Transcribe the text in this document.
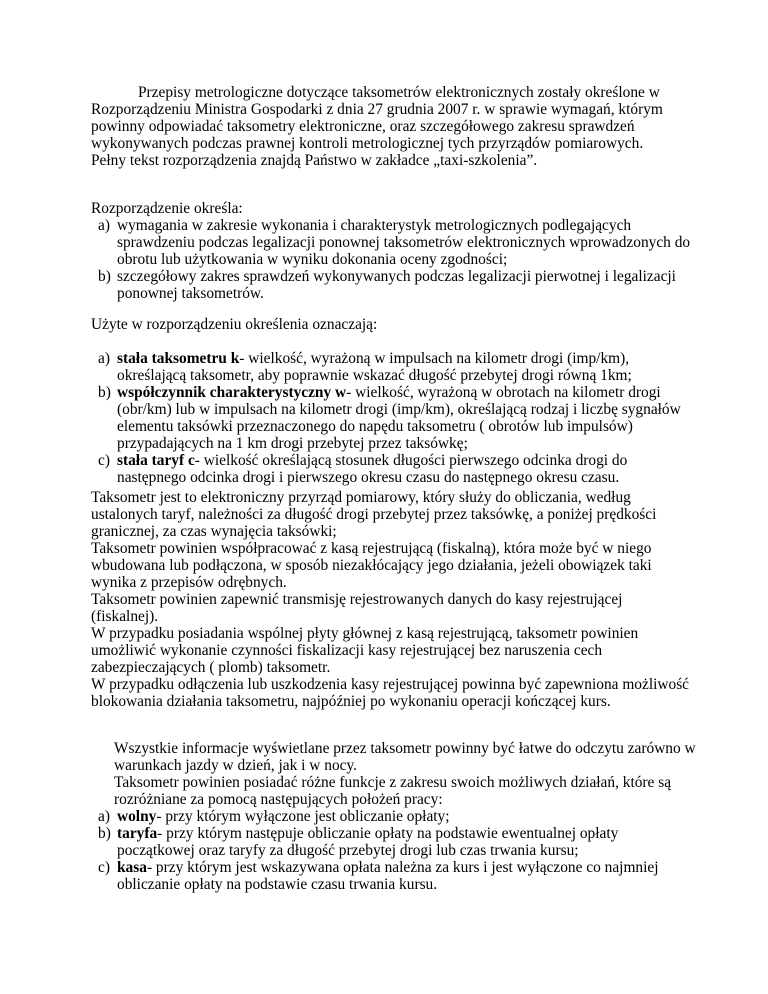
Przepisy metrologiczne dotyczące taksometrów elektronicznych zostały określone w Rozporządzeniu Ministra Gospodarki z dnia 27 grudnia 2007 r. w sprawie wymagań, którym powinny odpowiadać taksometry elektroniczne, oraz szczegółowego zakresu sprawdzeń wykonywanych podczas prawnej kontroli metrologicznej tych przyrządów pomiarowych.

Pełny tekst rozporządzenia znajdą Państwo w zakładce „taxi-szkolenia”.

Rozporządzenie określa:

a) wymagania w zakresie wykonania i charakterystyk metrologicznych podlegających sprawdzeniu podczas legalizacji ponownej taksometrów elektronicznych wprowadzonych do obrotu lub użytkowania w wyniku dokonania oceny zgodności;
b) szczegółowy zakres sprawdzeń wykonywanych podczas legalizacji pierwotnej i legalizacji ponownej taksometrów.

Użyte w rozporządzeniu określenia oznaczają:

a) stała taksometru k- wielkość, wyrażoną w impulsach na kilometr drogi (imp/km), określającą taksometr, aby poprawnie wskazać długość przebytej drogi równą 1km;
b) współczynnik charakterystyczny w- wielkość, wyrażoną w obrotach na kilometr drogi (obr/km) lub w impulsach na kilometr drogi (imp/km), określającą rodzaj i liczbę sygnałów elementu taksówki przeznaczonego do napędu taksometru ( obrotów lub impulsów) przypadających na 1 km drogi przebytej przez taksówkę;
c) stała taryf c- wielkość określającą stosunek długości pierwszego odcinka drogi do następnego odcinka drogi i pierwszego okresu czasu do następnego okresu czasu.

Taksometr jest to elektroniczny przyrząd pomiarowy, który służy do obliczania, według ustalonych taryf, należności za długość drogi przebytej przez taksówkę, a poniżej prędkości granicznej, za czas wynajęcia taksówki;

Taksometr powinien współpracować z kasą rejestrującą (fiskalną), która może być w niego wbudowana lub podłączona, w sposób niezakłócający jego działania, jeżeli obowiązek taki wynika z przepisów odrębnych.

Taksometr powinien zapewnić transmisję rejestrowanych danych do kasy rejestrującej (fiskalnej).

W przypadku posiadania wspólnej płyty głównej z kasą rejestrującą, taksometr powinien umożliwić wykonanie czynności fiskalizacji kasy rejestrującej bez naruszenia cech zabezpieczających ( plomb) taksometr.

W przypadku odłączenia lub uszkodzenia kasy rejestrującej powinna być zapewniona możliwość blokowania działania taksometru, najpóźniej po wykonaniu operacji kończącej kurs.

Wszystkie informacje wyświetlane przez taksometr powinny być łatwe do odczytu zarówno w warunkach jazdy w dzień, jak i w nocy.

Taksometr powinien posiadać różne funkcje z zakresu swoich możliwych działań, które są rozróżniane za pomocą następujących położeń pracy:

a) wolny- przy którym wyłączone jest obliczanie opłaty;
b) taryfa- przy którym następuje obliczanie opłaty na podstawie ewentualnej opłaty początkowej oraz taryfy za długość przebytej drogi lub czas trwania kursu;
c) kasa- przy którym jest wskazywana opłata należna za kurs i jest wyłączone co najmniej obliczanie opłaty na podstawie czasu trwania kursu.
